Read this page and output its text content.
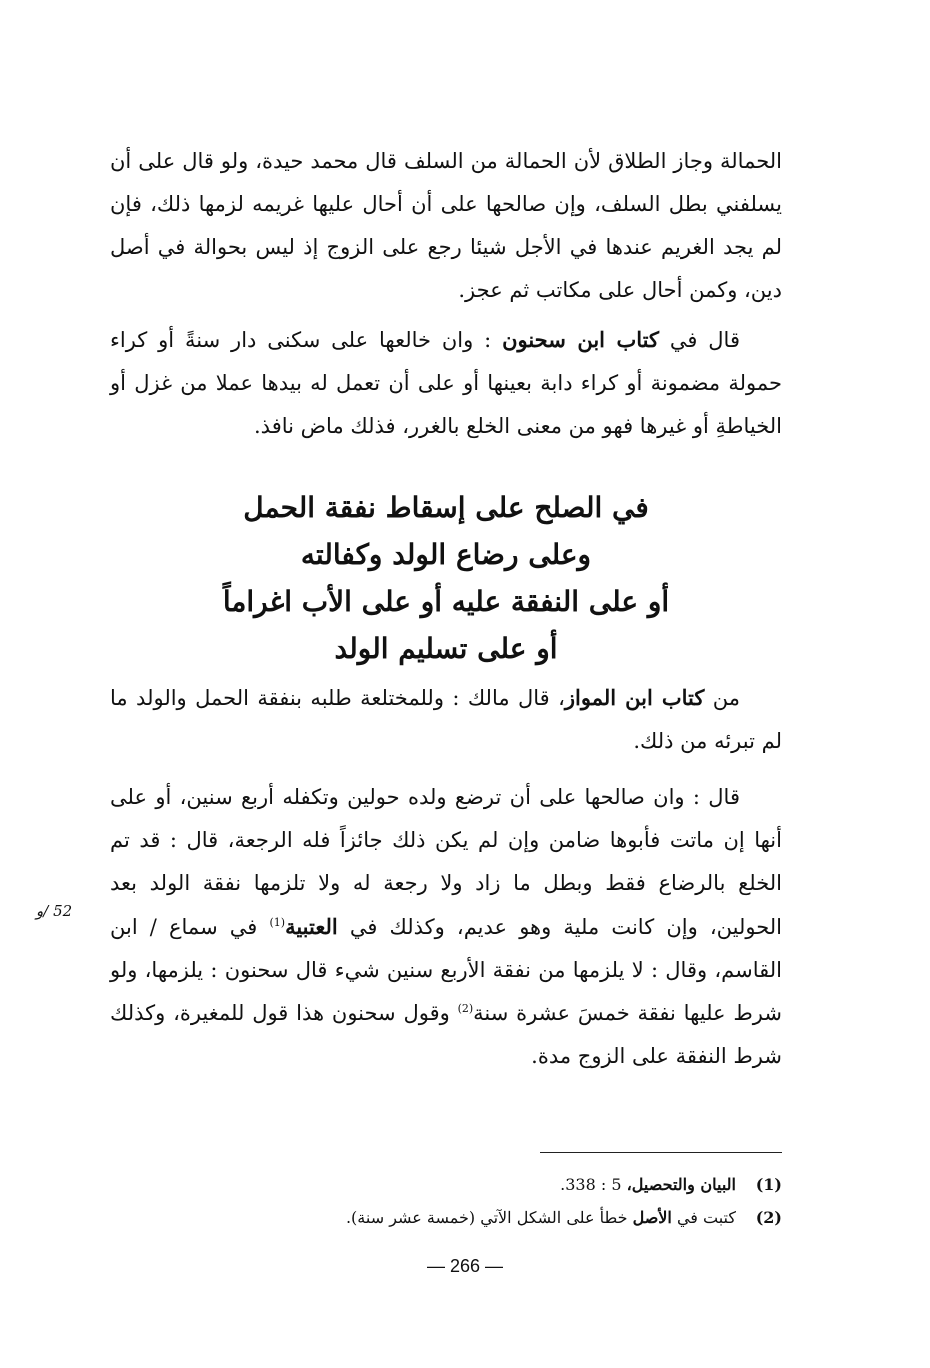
الحمالة وجاز الطلاق لأن الحمالة من السلف قال محمد حيدة، ولو قال على أن يسلفني بطل السلف، وإن صالحها على أن أحال عليها غريمه لزمها ذلك، فإن لم يجد الغريم عندها في الأجل شيئا رجع على الزوج إذ ليس بحوالة في أصل دين، وكمن أحال على مكاتب ثم عجز.

قال في كتاب ابن سحنون : وان خالعها على سكنى دار سنةً أو كراء حمولة مضمونة أو كراء دابة بعينها أو على أن تعمل له بيدها عملا من غزل أو الخياطةِ أو غيرها فهو من معنى الخلع بالغرر، فذلك ماض نافذ.

في الصلح على إسقاط نفقة الحمل
وعلى رضاع الولد وكفالته
أو على النفقة عليه أو على الأب اغراماً
أو على تسليم الولد

من كتاب ابن المواز، قال مالك : وللمختلعة طلبه بنفقة الحمل والولد ما لم تبرئه من ذلك.

قال : وان صالحها على أن ترضع ولده حولين وتكفله أربع سنين، أو على أنها إن ماتت فأبوها ضامن وإن لم يكن ذلك جائزاً فله الرجعة، قال : قد تم الخلع بالرضاع فقط وبطل ما زاد ولا رجعة له ولا تلزمها نفقة الولد بعد الحولين، وإن كانت ملية وهو عديم، وكذلك في العتبية$^{(1)}$ في سماع / ابن القاسم، وقال : لا يلزمها من نفقة الأربع سنين شيء قال سحنون : يلزمها، ولو شرط عليها نفقة خمسَ عشرة سنة$^{(2)}$ وقول سحنون هذا قول للمغيرة، وكذلك شرط النفقة على الزوج مدة.

52 /و
(1)
البيان والتحصيل، 5 : 338.
(2)
كتبت في الأصل خطأ على الشكل الآتي (خمسة عشر سنة).
— 266 —
